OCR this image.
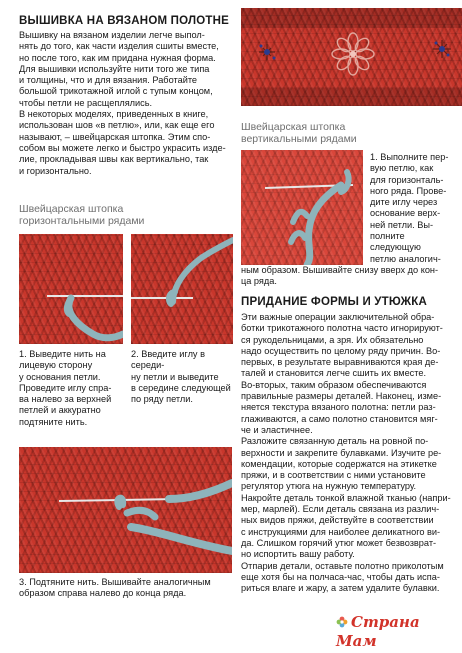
ВЫШИВКА НА ВЯЗАНОМ ПОЛОТНЕ
Вышивку на вязаном изделии легче выпол-
нять до того, как части изделия сшиты вместе,
но после того, как им придана нужная форма.
Для вышивки используйте нити того же типа
и толщины, что и для вязания. Работайте
большой трикотажной иглой с тупым концом,
чтобы петли не расщеплялись.
В некоторых моделях, приведенных в книге,
использован шов «в петлю», или, как еще его
называют, – швейцарская штопка. Этим спо-
собом вы можете легко и быстро украсить изде-
лие, прокладывая швы как вертикально, так
и горизонтально.
Швейцарская штопка
вертикальными рядами
1. Выполните пер-
вую петлю, как
для горизонталь-
ного ряда. Прове-
дите иглу через
основание верх-
ней петли. Вы-
полните
следующую
петлю аналогич-
ным образом. Вышивайте снизу вверх до кон-
ца ряда.
Швейцарская штопка
горизонтальными рядами
1. Выведите нить на
лицевую сторону
у основания петли.
Проведите иглу спра-
ва налево за верхней
петлей и аккуратно
подтяните нить.
2. Введите иглу в середи-
ну петли и выведите
в середине следующей
по ряду петли.
3. Подтяните нить. Вышивайте аналогичным
образом справа налево до конца ряда.
ПРИДАНИЕ ФОРМЫ И УТЮЖКА
Эти важные операции заключительной обра-
ботки трикотажного полотна часто игнорируют-
ся рукодельницами, а зря. Их обязательно
надо осуществить по целому ряду причин. Во-
первых, в результате выравниваются края де-
талей и становится легче сшить их вместе.
Во-вторых, таким образом обеспечиваются
правильные размеры деталей. Наконец, изме-
няется текстура вязаного полотна: петли раз-
глаживаются, а само полотно становится мяг-
че и эластичнее.
Разложите связанную деталь на ровной по-
верхности и закрепите булавками. Изучите ре-
комендации, которые содержатся на этикетке
пряжи, и в соответствии с ними установите
регулятор утюга на нужную температуру.
Накройте деталь тонкой влажной тканью (напри-
мер, марлей). Если деталь связана из различ-
ных видов пряжи, действуйте в соответствии
с инструкциями для наиболее деликатного ви-
да. Слишком горячий утюг может безвозврат-
но испортить вашу работу.
Отпарив детали, оставьте полотно приколотым
еще хотя бы на полчаса-час, чтобы дать испа-
риться влаге и жару, а затем удалите булавки.
Страна Мам
